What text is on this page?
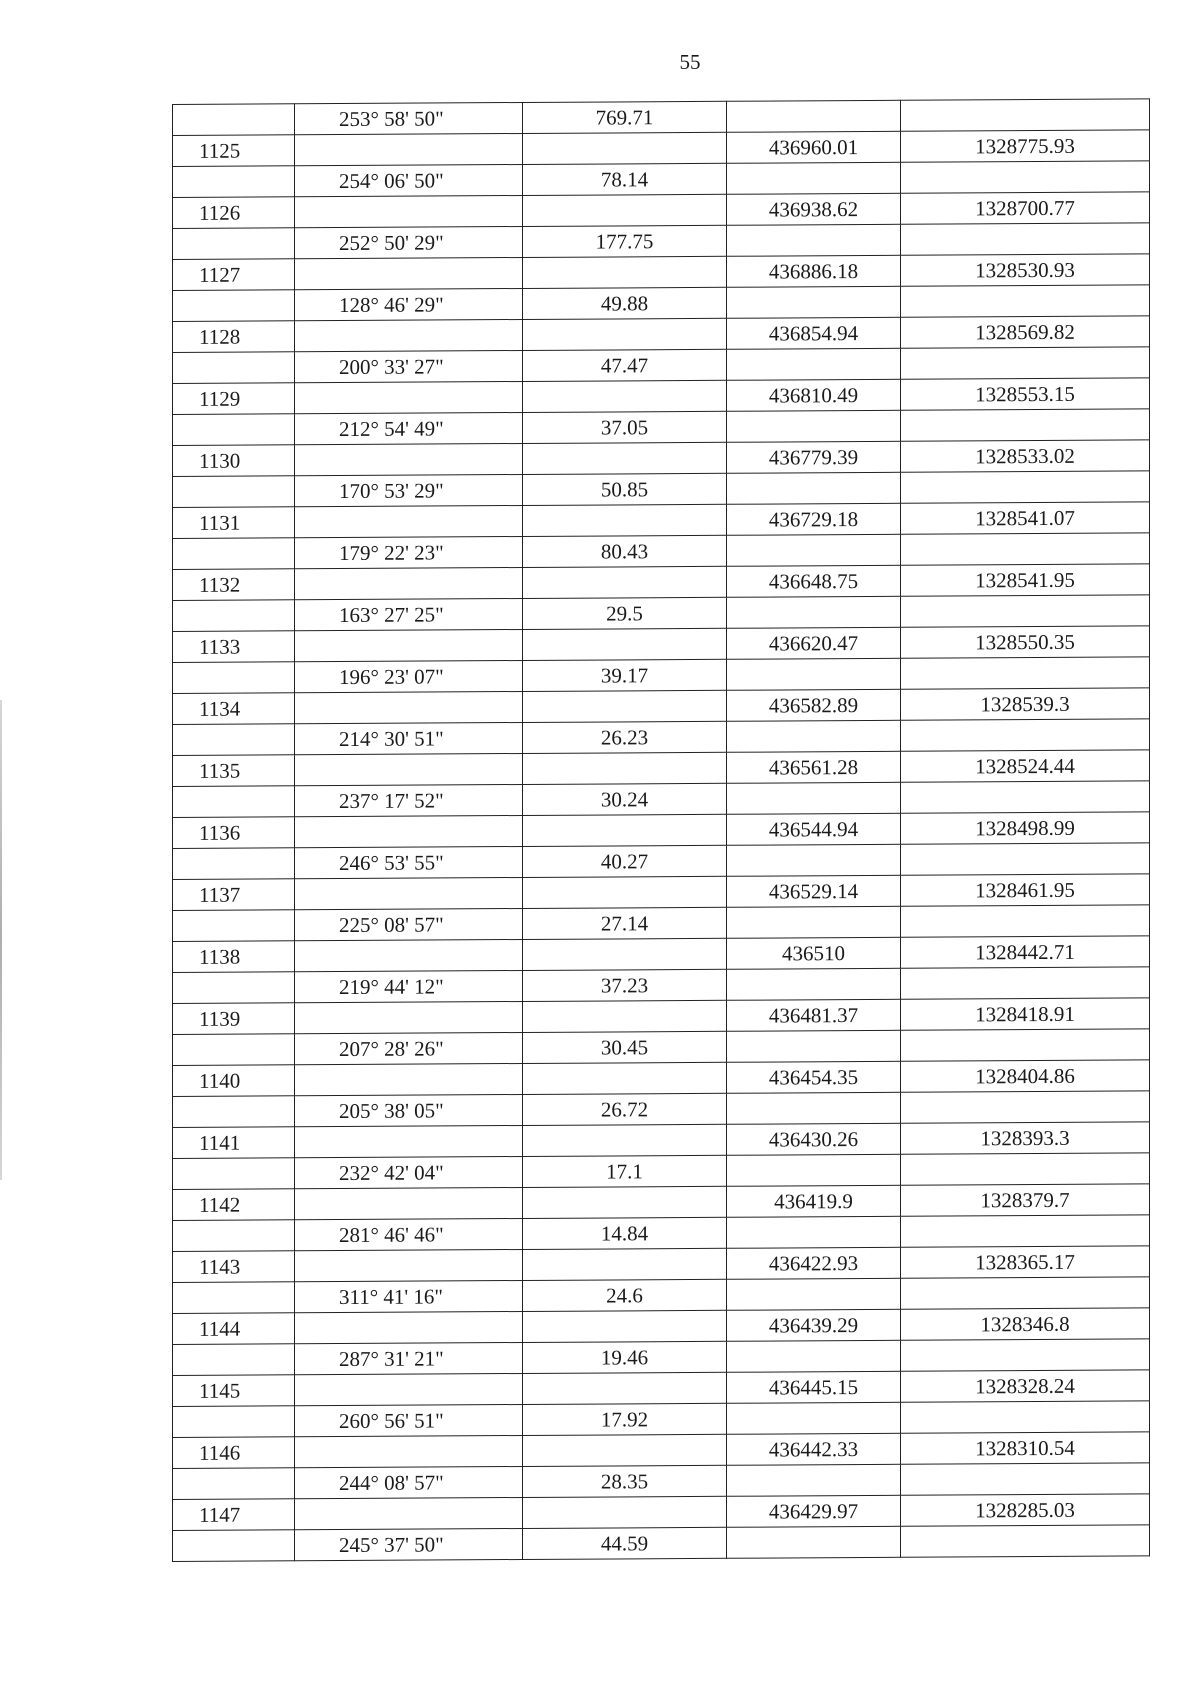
55
	253° 58' 50"	769.71		
1125			436960.01	1328775.93
	254° 06' 50"	78.14		
1126			436938.62	1328700.77
	252° 50' 29"	177.75		
1127			436886.18	1328530.93
	128° 46' 29"	49.88		
1128			436854.94	1328569.82
	200° 33' 27"	47.47		
1129			436810.49	1328553.15
	212° 54' 49"	37.05		
1130			436779.39	1328533.02
	170° 53' 29"	50.85		
1131			436729.18	1328541.07
	179° 22' 23"	80.43		
1132			436648.75	1328541.95
	163° 27' 25"	29.5		
1133			436620.47	1328550.35
	196° 23' 07"	39.17		
1134			436582.89	1328539.3
	214° 30' 51"	26.23		
1135			436561.28	1328524.44
	237° 17' 52"	30.24		
1136			436544.94	1328498.99
	246° 53' 55"	40.27		
1137			436529.14	1328461.95
	225° 08' 57"	27.14		
1138			436510	1328442.71
	219° 44' 12"	37.23		
1139			436481.37	1328418.91
	207° 28' 26"	30.45		
1140			436454.35	1328404.86
	205° 38' 05"	26.72		
1141			436430.26	1328393.3
	232° 42' 04"	17.1		
1142			436419.9	1328379.7
	281° 46' 46"	14.84		
1143			436422.93	1328365.17
	311° 41' 16"	24.6		
1144			436439.29	1328346.8
	287° 31' 21"	19.46		
1145			436445.15	1328328.24
	260° 56' 51"	17.92		
1146			436442.33	1328310.54
	244° 08' 57"	28.35		
1147			436429.97	1328285.03
	245° 37' 50"	44.59		
